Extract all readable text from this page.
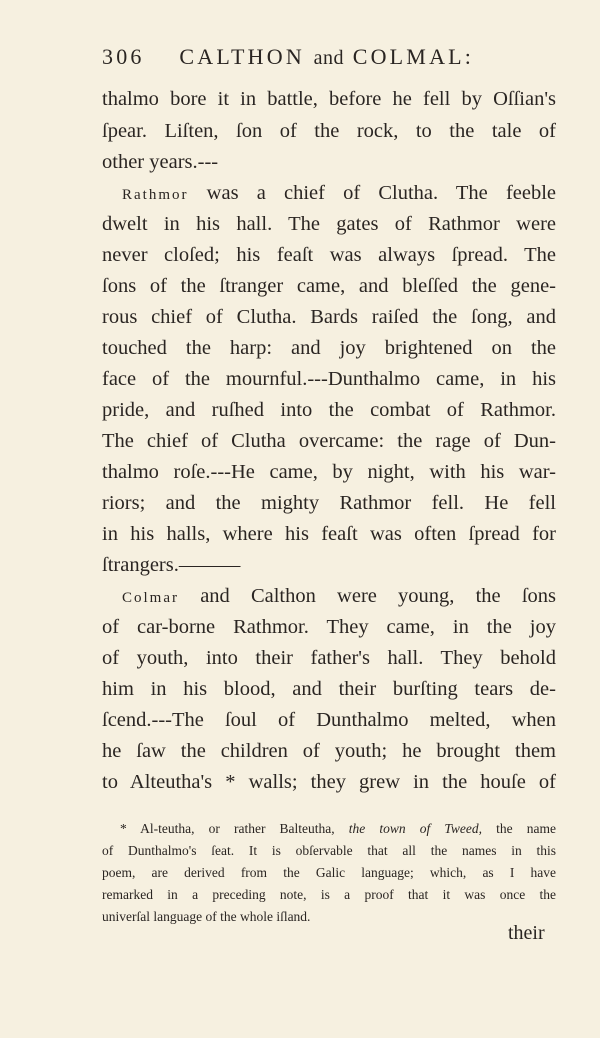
306 CALTHON and COLMAL:
thalmo bore it in battle, before he fell by Oſſian's
ſpear. Liſten, ſon of the rock, to the tale of
other years.---
Rathmor was a chief of Clutha. The feeble
dwelt in his hall. The gates of Rathmor were
never cloſed; his feaſt was always ſpread. The
ſons of the ſtranger came, and bleſſed the gene-
rous chief of Clutha. Bards raiſed the ſong, and
touched the harp: and joy brightened on the
face of the mournful.---Dunthalmo came, in his
pride, and ruſhed into the combat of Rathmor.
The chief of Clutha overcame: the rage of Dun-
thalmo roſe.---He came, by night, with his war-
riors; and the mighty Rathmor fell. He fell
in his halls, where his feaſt was often ſpread for
ſtrangers.———
Colmar and Calthon were young, the ſons
of car-borne Rathmor. They came, in the joy
of youth, into their father's hall. They behold
him in his blood, and their burſting tears de-
ſcend.---The ſoul of Dunthalmo melted, when
he ſaw the children of youth; he brought them
to Alteutha's * walls; they grew in the houſe of
* Al-teutha, or rather Balteutha, the town of Tweed, the name
of Dunthalmo's ſeat. It is obſervable that all the names in this
poem, are derived from the Galic language; which, as I have
remarked in a preceding note, is a proof that it was once the
univerſal language of the whole iſland.
their
